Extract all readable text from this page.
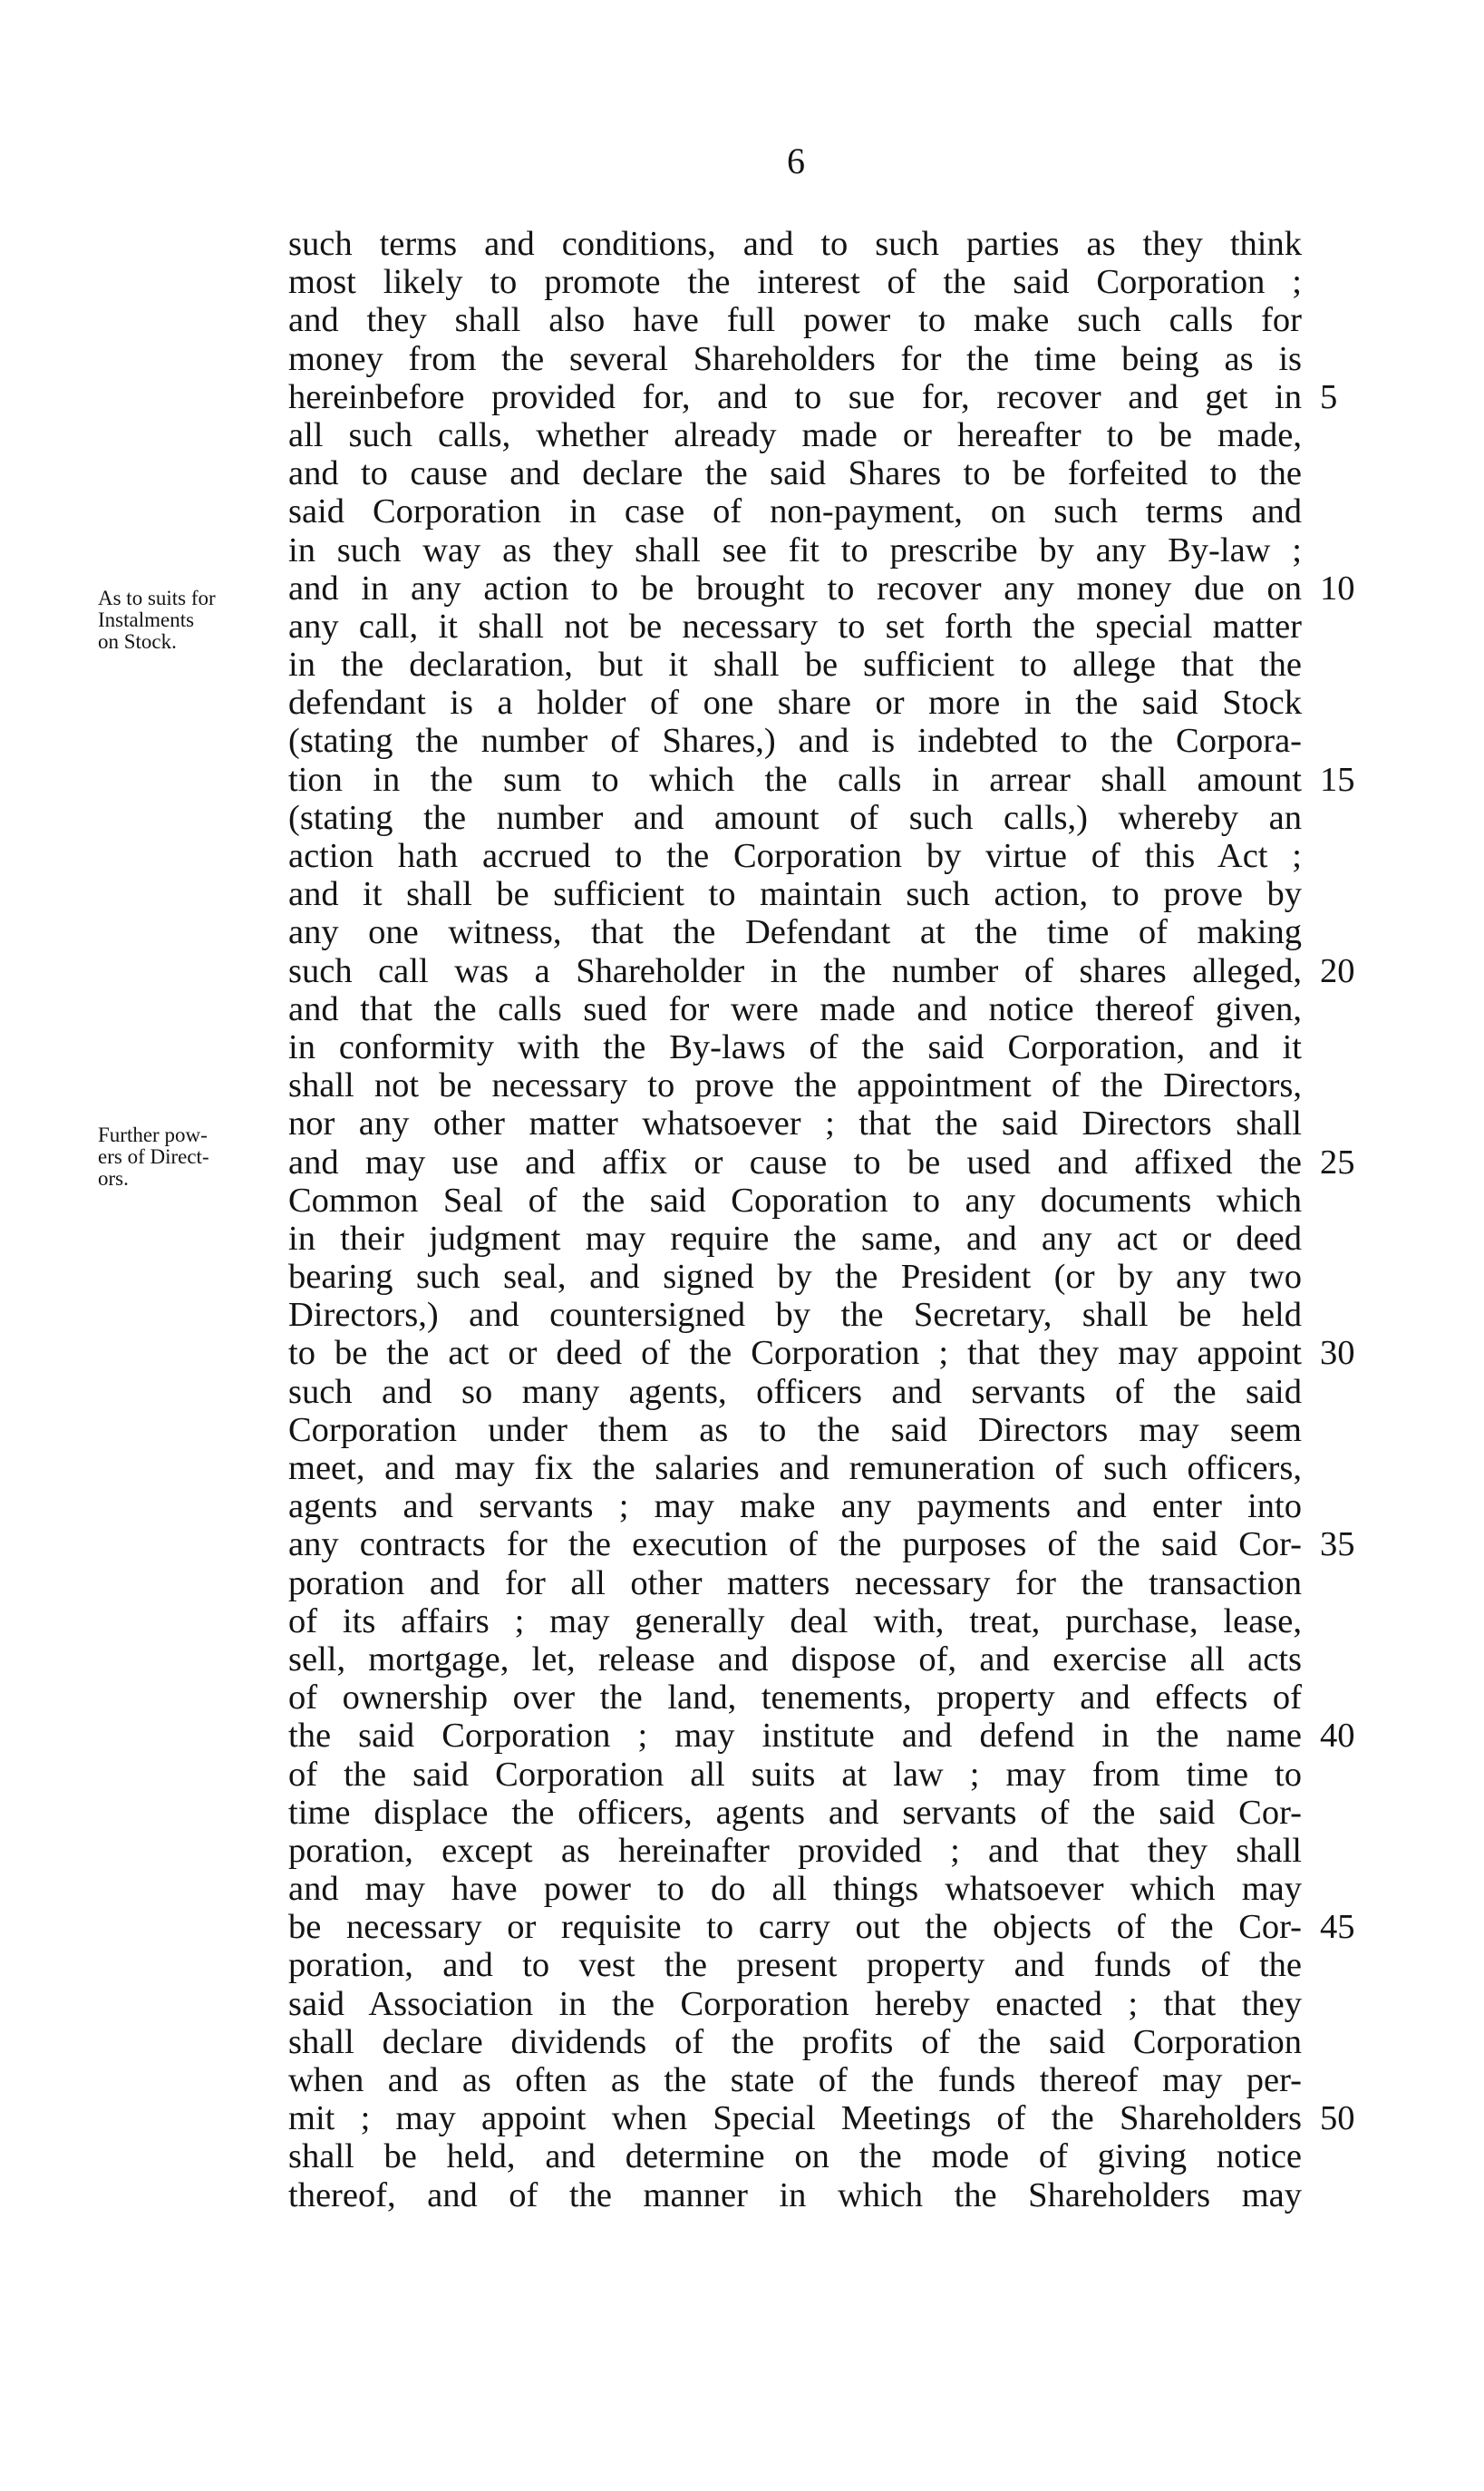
6
As to suits for
Instalments
on Stock.
Further pow-
ers of Direct-
ors.
such terms and conditions, and to such parties as they think
most likely to promote the interest of the said Corporation ;
and they shall also have full power to make such calls for
money from the several Shareholders for the time being as is
hereinbefore provided for, and to sue for, recover and get in 5
all such calls, whether already made or hereafter to be made,
and to cause and declare the said Shares to be forfeited to the
said Corporation in case of non-payment, on such terms and
in such way as they shall see fit to prescribe by any By-law ;
and in any action to be brought to recover any money due on 10
any call, it shall not be necessary to set forth the special matter
in the declaration, but it shall be sufficient to allege that the
defendant is a holder of one share or more in the said Stock
(stating the number of Shares,) and is indebted to the Corpora-
tion in the sum to which the calls in arrear shall amount 15
(stating the number and amount of such calls,) whereby an
action hath accrued to the Corporation by virtue of this Act ;
and it shall be sufficient to maintain such action, to prove by
any one witness, that the Defendant at the time of making
such call was a Shareholder in the number of shares alleged, 20
and that the calls sued for were made and notice thereof given,
in conformity with the By-laws of the said Corporation, and it
shall not be necessary to prove the appointment of the Directors,
nor any other matter whatsoever ; that the said Directors shall
and may use and affix or cause to be used and affixed the 25
Common Seal of the said Coporation to any documents which
in their judgment may require the same, and any act or deed
bearing such seal, and signed by the President (or by any two
Directors,) and countersigned by the Secretary, shall be held
to be the act or deed of the Corporation ; that they may appoint 30
such and so many agents, officers and servants of the said
Corporation under them as to the said Directors may seem
meet, and may fix the salaries and remuneration of such officers,
agents and servants ; may make any payments and enter into
any contracts for the execution of the purposes of the said Cor- 35
poration and for all other matters necessary for the transaction
of its affairs ; may generally deal with, treat, purchase, lease,
sell, mortgage, let, release and dispose of, and exercise all acts
of ownership over the land, tenements, property and effects of
the said Corporation ; may institute and defend in the name 40
of the said Corporation all suits at law ; may from time to
time displace the officers, agents and servants of the said Cor-
poration, except as hereinafter provided ; and that they shall
and may have power to do all things whatsoever which may
be necessary or requisite to carry out the objects of the Cor- 45
poration, and to vest the present property and funds of the
said Association in the Corporation hereby enacted ; that they
shall declare dividends of the profits of the said Corporation
when and as often as the state of the funds thereof may per-
mit ; may appoint when Special Meetings of the Shareholders 50
shall be held, and determine on the mode of giving notice
thereof, and of the manner in which the Shareholders may
